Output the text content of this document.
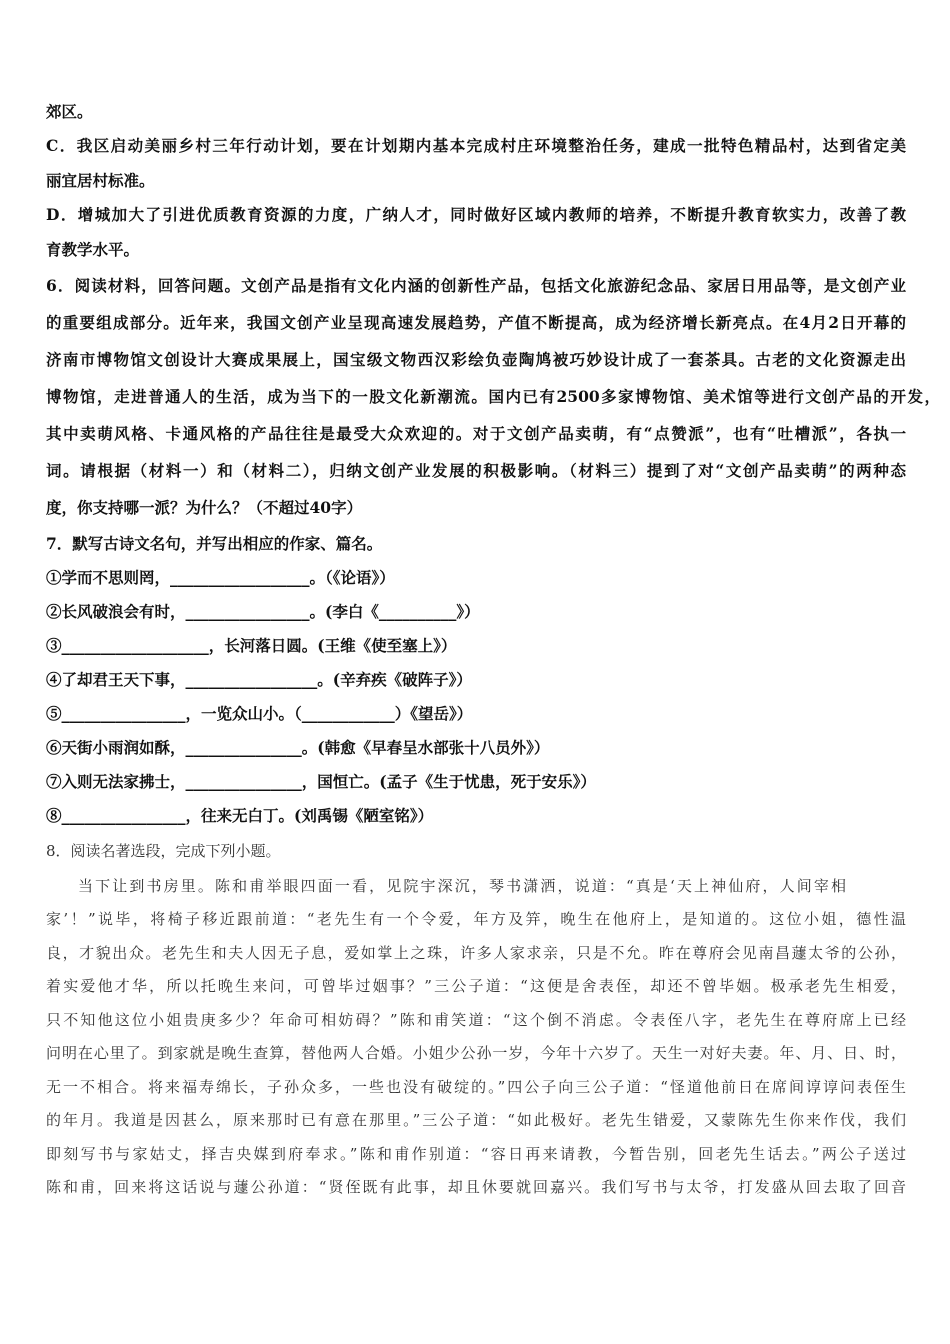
郊区。
C．我区启动美丽乡村三年行动计划，要在计划期内基本完成村庄环境整治任务，建成一批特色精品村，达到省定美
丽宜居村标准。
D．增城加大了引进优质教育资源的力度，广纳人才，同时做好区域内教师的培养，不断提升教育软实力，改善了教
育教学水平。
6．阅读材料，回答问题。文创产品是指有文化内涵的创新性产品，包括文化旅游纪念品、家居日用品等，是文创产业
的重要组成部分。近年来，我国文创产业呈现高速发展趋势，产值不断提高，成为经济增长新亮点。在4月2日开幕的
济南市博物馆文创设计大赛成果展上，国宝级文物西汉彩绘负壶陶鸠被巧妙设计成了一套茶具。古老的文化资源走出
博物馆，走进普通人的生活，成为当下的一股文化新潮流。国内已有2500多家博物馆、美术馆等进行文创产品的开发，
其中卖萌风格、卡通风格的产品往往是最受大众欢迎的。对于文创产品卖萌，有“点赞派”，也有“吐槽派”，各执一
词。请根据（材料一）和（材料二），归纳文创产业发展的积极影响。（材料三）提到了对“文创产品卖萌”的两种态
度，你支持哪一派？为什么？（不超过40字）
7．默写古诗文名句，并写出相应的作家、篇名。
①学而不思则罔，__________________。（《论语》）
②长风破浪会有时，________________。(李白《__________》）
③___________________，长河落日圆。(王维《使至塞上》）
④了却君王天下事，_________________。(辛弃疾《破阵子》）
⑤________________，一览众山小。（____________）《望岳》）
⑥天街小雨润如酥，_______________。(韩愈《早春呈水部张十八员外》）
⑦入则无法家拂士，_______________，国恒亡。(孟子《生于忧患，死于安乐》）
⑧________________，往来无白丁。(刘禹锡《陋室铭》）
8．阅读名著选段，完成下列小题。
当下让到书房里。陈和甫举眼四面一看，见院宇深沉，琴书潇洒，说道：“真是‘天上神仙府，人间宰相
家’！”说毕，将椅子移近跟前道：“老先生有一个令爱，年方及笄，晚生在他府上，是知道的。这位小姐，德性温
良，才貌出众。老先生和夫人因无子息，爱如掌上之珠，许多人家求亲，只是不允。昨在尊府会见南昌蘧太爷的公孙，
着实爱他才华，所以托晚生来问，可曾毕过姻事？”三公子道：“这便是舍表侄，却还不曾毕姻。极承老先生相爱，
只不知他这位小姐贵庚多少？年命可相妨碍？”陈和甫笑道：“这个倒不消虑。令表侄八字，老先生在尊府席上已经
问明在心里了。到家就是晚生查算，替他两人合婚。小姐少公孙一岁，今年十六岁了。天生一对好夫妻。年、月、日、时，
无一不相合。将来福寿绵长，子孙众多，一些也没有破绽的。”四公子向三公子道：“怪道他前日在席间谆谆问表侄生
的年月。我道是因甚么，原来那时已有意在那里。”三公子道：“如此极好。老先生错爱，又蒙陈先生你来作伐，我们
即刻写书与家姑丈，择吉央媒到府奉求。”陈和甫作别道：“容日再来请教，今暂告别，回老先生话去。”两公子送过
陈和甫，回来将这话说与蘧公孙道：“贤侄既有此事，却且休要就回嘉兴。我们写书与太爷，打发盛从回去取了回音
